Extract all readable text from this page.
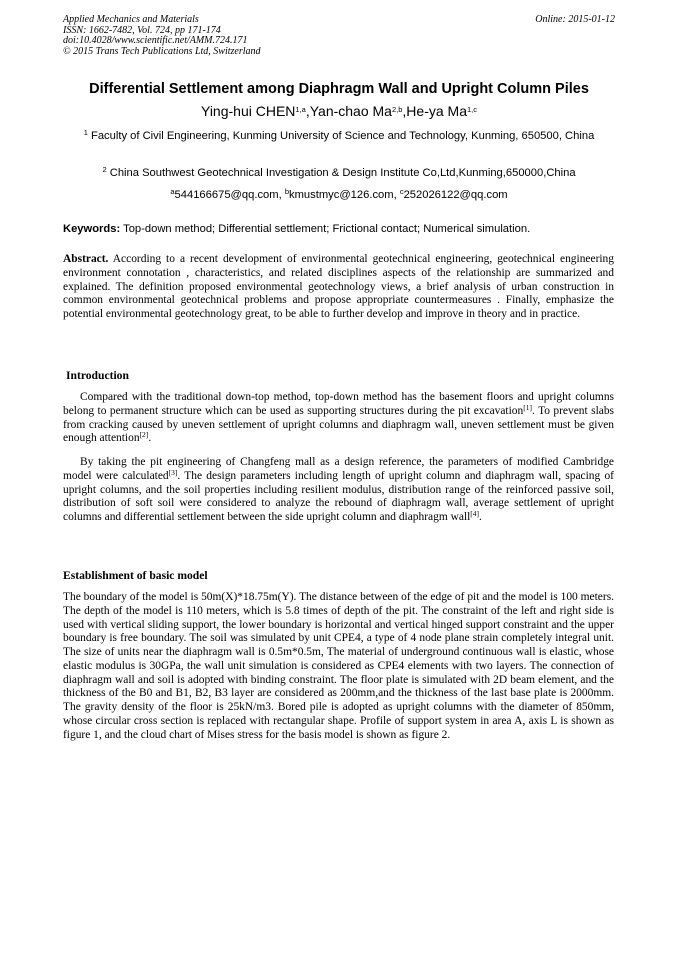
Applied Mechanics and Materials
ISSN: 1662-7482, Vol. 724, pp 171-174
doi:10.4028/www.scientific.net/AMM.724.171
© 2015 Trans Tech Publications Ltd, Switzerland
Online: 2015-01-12
Differential Settlement among Diaphragm Wall and Upright Column Piles
Ying-hui CHEN$^{1,a}$,Yan-chao Ma$^{2,b}$,He-ya Ma$^{1,c}$
$^1$ Faculty of Civil Engineering, Kunming University of Science and Technology, Kunming, 650500, China
$^2$ China Southwest Geotechnical Investigation & Design Institute Co,Ltd,Kunming,650000,China
$^a$544166675@qq.com, $^b$kmustmyc@126.com, $^c$252026122@qq.com
Keywords: Top-down method; Differential settlement; Frictional contact; Numerical simulation.

Abstract. According to a recent development of environmental geotechnical engineering, geotechnical engineering environment connotation , characteristics, and related disciplines aspects of the relationship are summarized and explained. The definition proposed environmental geotechnology views, a brief analysis of urban construction in common environmental geotechnical problems and propose appropriate countermeasures . Finally, emphasize the potential environmental geotechnology great, to be able to further develop and improve in theory and in practice.

Introduction

Compared with the traditional down-top method, top-down method has the basement floors and upright columns belong to permanent structure which can be used as supporting structures during the pit excavation[1]. To prevent slabs from cracking caused by uneven settlement of upright columns and diaphragm wall, uneven settlement must be given enough attention[2].

By taking the pit engineering of Changfeng mall as a design reference, the parameters of modified Cambridge model were calculated[3]. The design parameters including length of upright column and diaphragm wall, spacing of upright columns, and the soil properties including resilient modulus, distribution range of the reinforced passive soil, distribution of soft soil were considered to analyze the rebound of diaphragm wall, average settlement of upright columns and differential settlement between the side upright column and diaphragm wall[4].

Establishment of basic model

The boundary of the model is 50m(X)*18.75m(Y). The distance between of the edge of pit and the model is 100 meters. The depth of the model is 110 meters, which is 5.8 times of depth of the pit. The constraint of the left and right side is used with vertical sliding support, the lower boundary is horizontal and vertical hinged support constraint and the upper boundary is free boundary. The soil was simulated by unit CPE4, a type of 4 node plane strain completely integral unit. The size of units near the diaphragm wall is 0.5m*0.5m, The material of underground continuous wall is elastic, whose elastic modulus is 30GPa, the wall unit simulation is considered as CPE4 elements with two layers. The connection of diaphragm wall and soil is adopted with binding constraint. The floor plate is simulated with 2D beam element, and the thickness of the B0 and B1, B2, B3 layer are considered as 200mm,and the thickness of the last base plate is 2000mm. The gravity density of the floor is 25kN/m3. Bored pile is adopted as upright columns with the diameter of 850mm, whose circular cross section is replaced with rectangular shape. Profile of support system in area A, axis L is shown as figure 1, and the cloud chart of Mises stress for the basis model is shown as figure 2.
